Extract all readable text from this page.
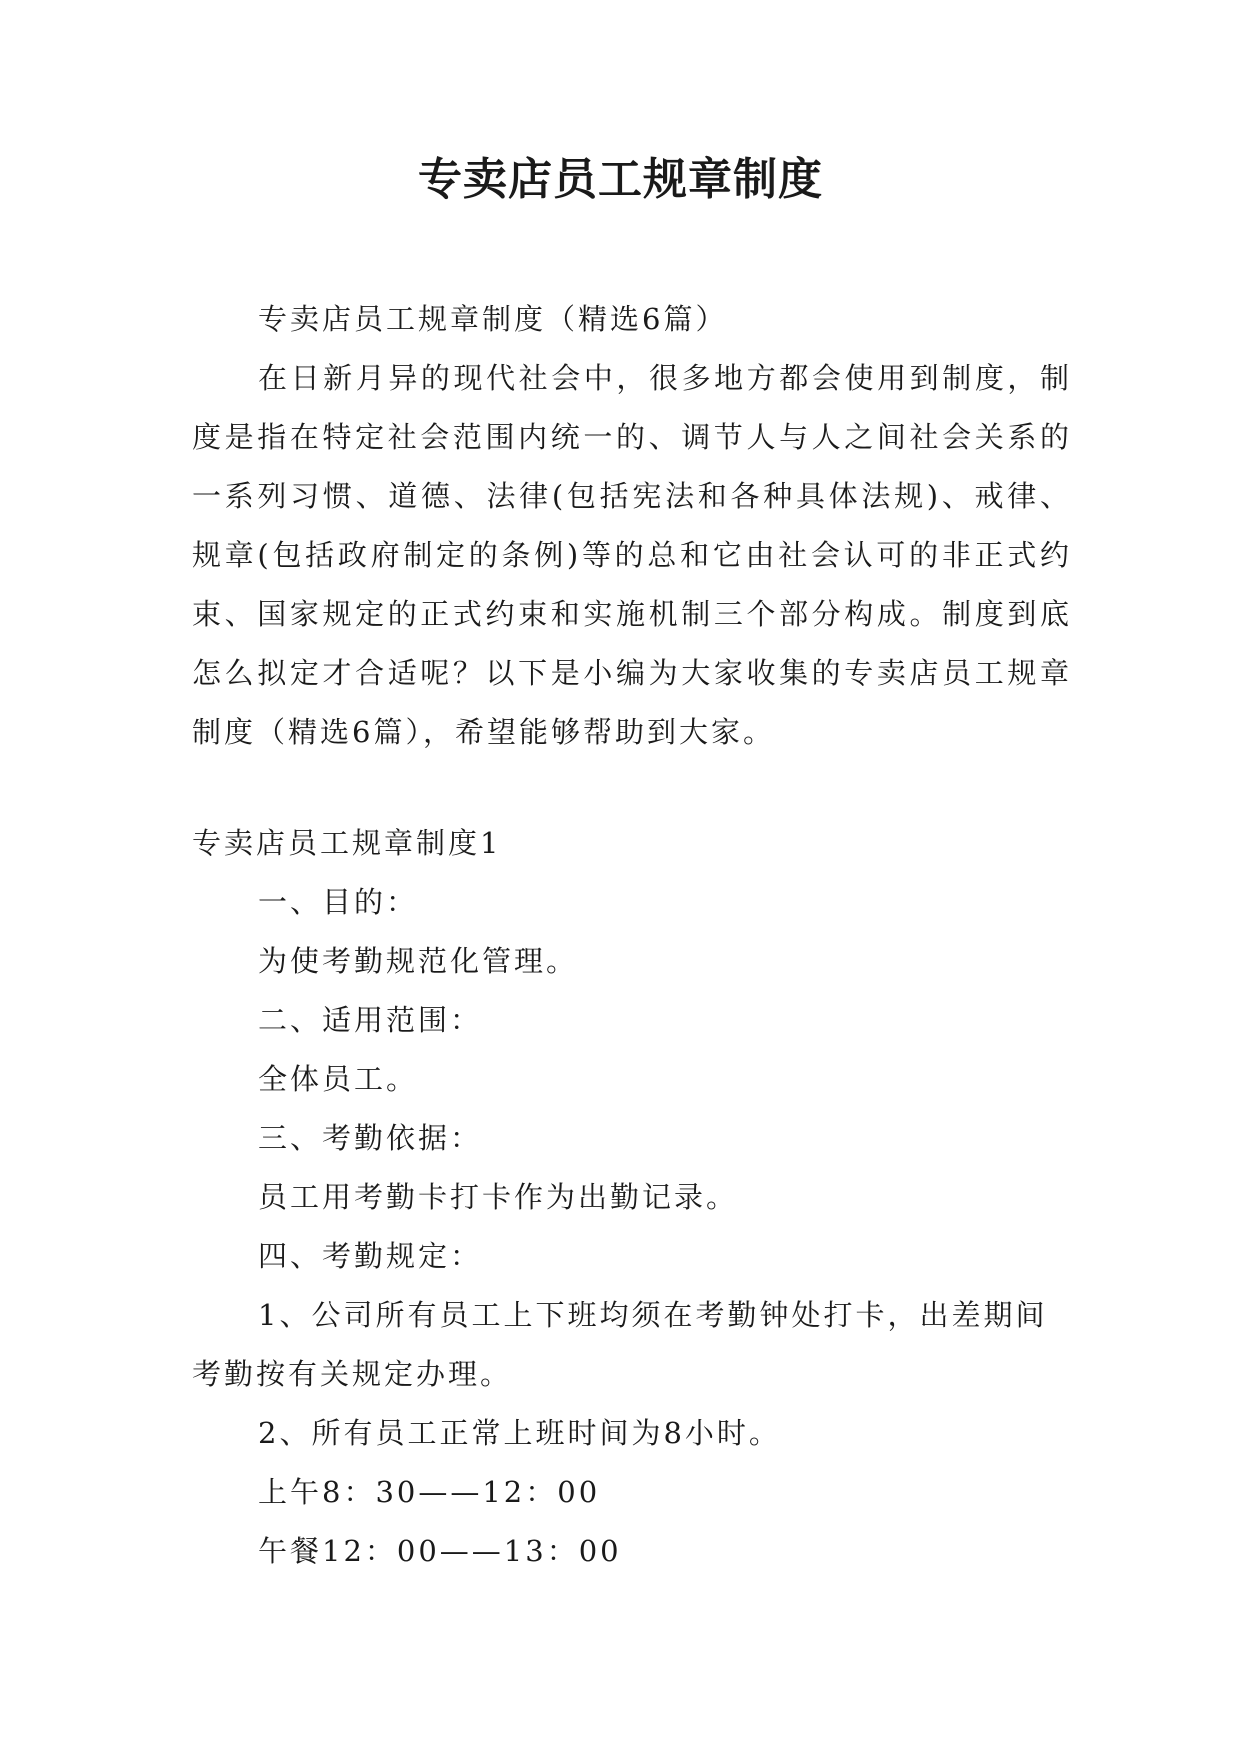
专卖店员工规章制度

专卖店员工规章制度（精选6篇）

在日新月异的现代社会中，很多地方都会使用到制度，制度是指在特定社会范围内统一的、调节人与人之间社会关系的一系列习惯、道德、法律(包括宪法和各种具体法规)、戒律、规章(包括政府制定的条例)等的总和它由社会认可的非正式约束、国家规定的正式约束和实施机制三个部分构成。制度到底怎么拟定才合适呢？以下是小编为大家收集的专卖店员工规章制度（精选6篇），希望能够帮助到大家。

专卖店员工规章制度1

一、目的：

为使考勤规范化管理。

二、适用范围：

全体员工。

三、考勤依据：

员工用考勤卡打卡作为出勤记录。

四、考勤规定：

1、公司所有员工上下班均须在考勤钟处打卡，出差期间考勤按有关规定办理。

2、所有员工正常上班时间为8小时。

上午8：30——12：00

午餐12：00——13：00
